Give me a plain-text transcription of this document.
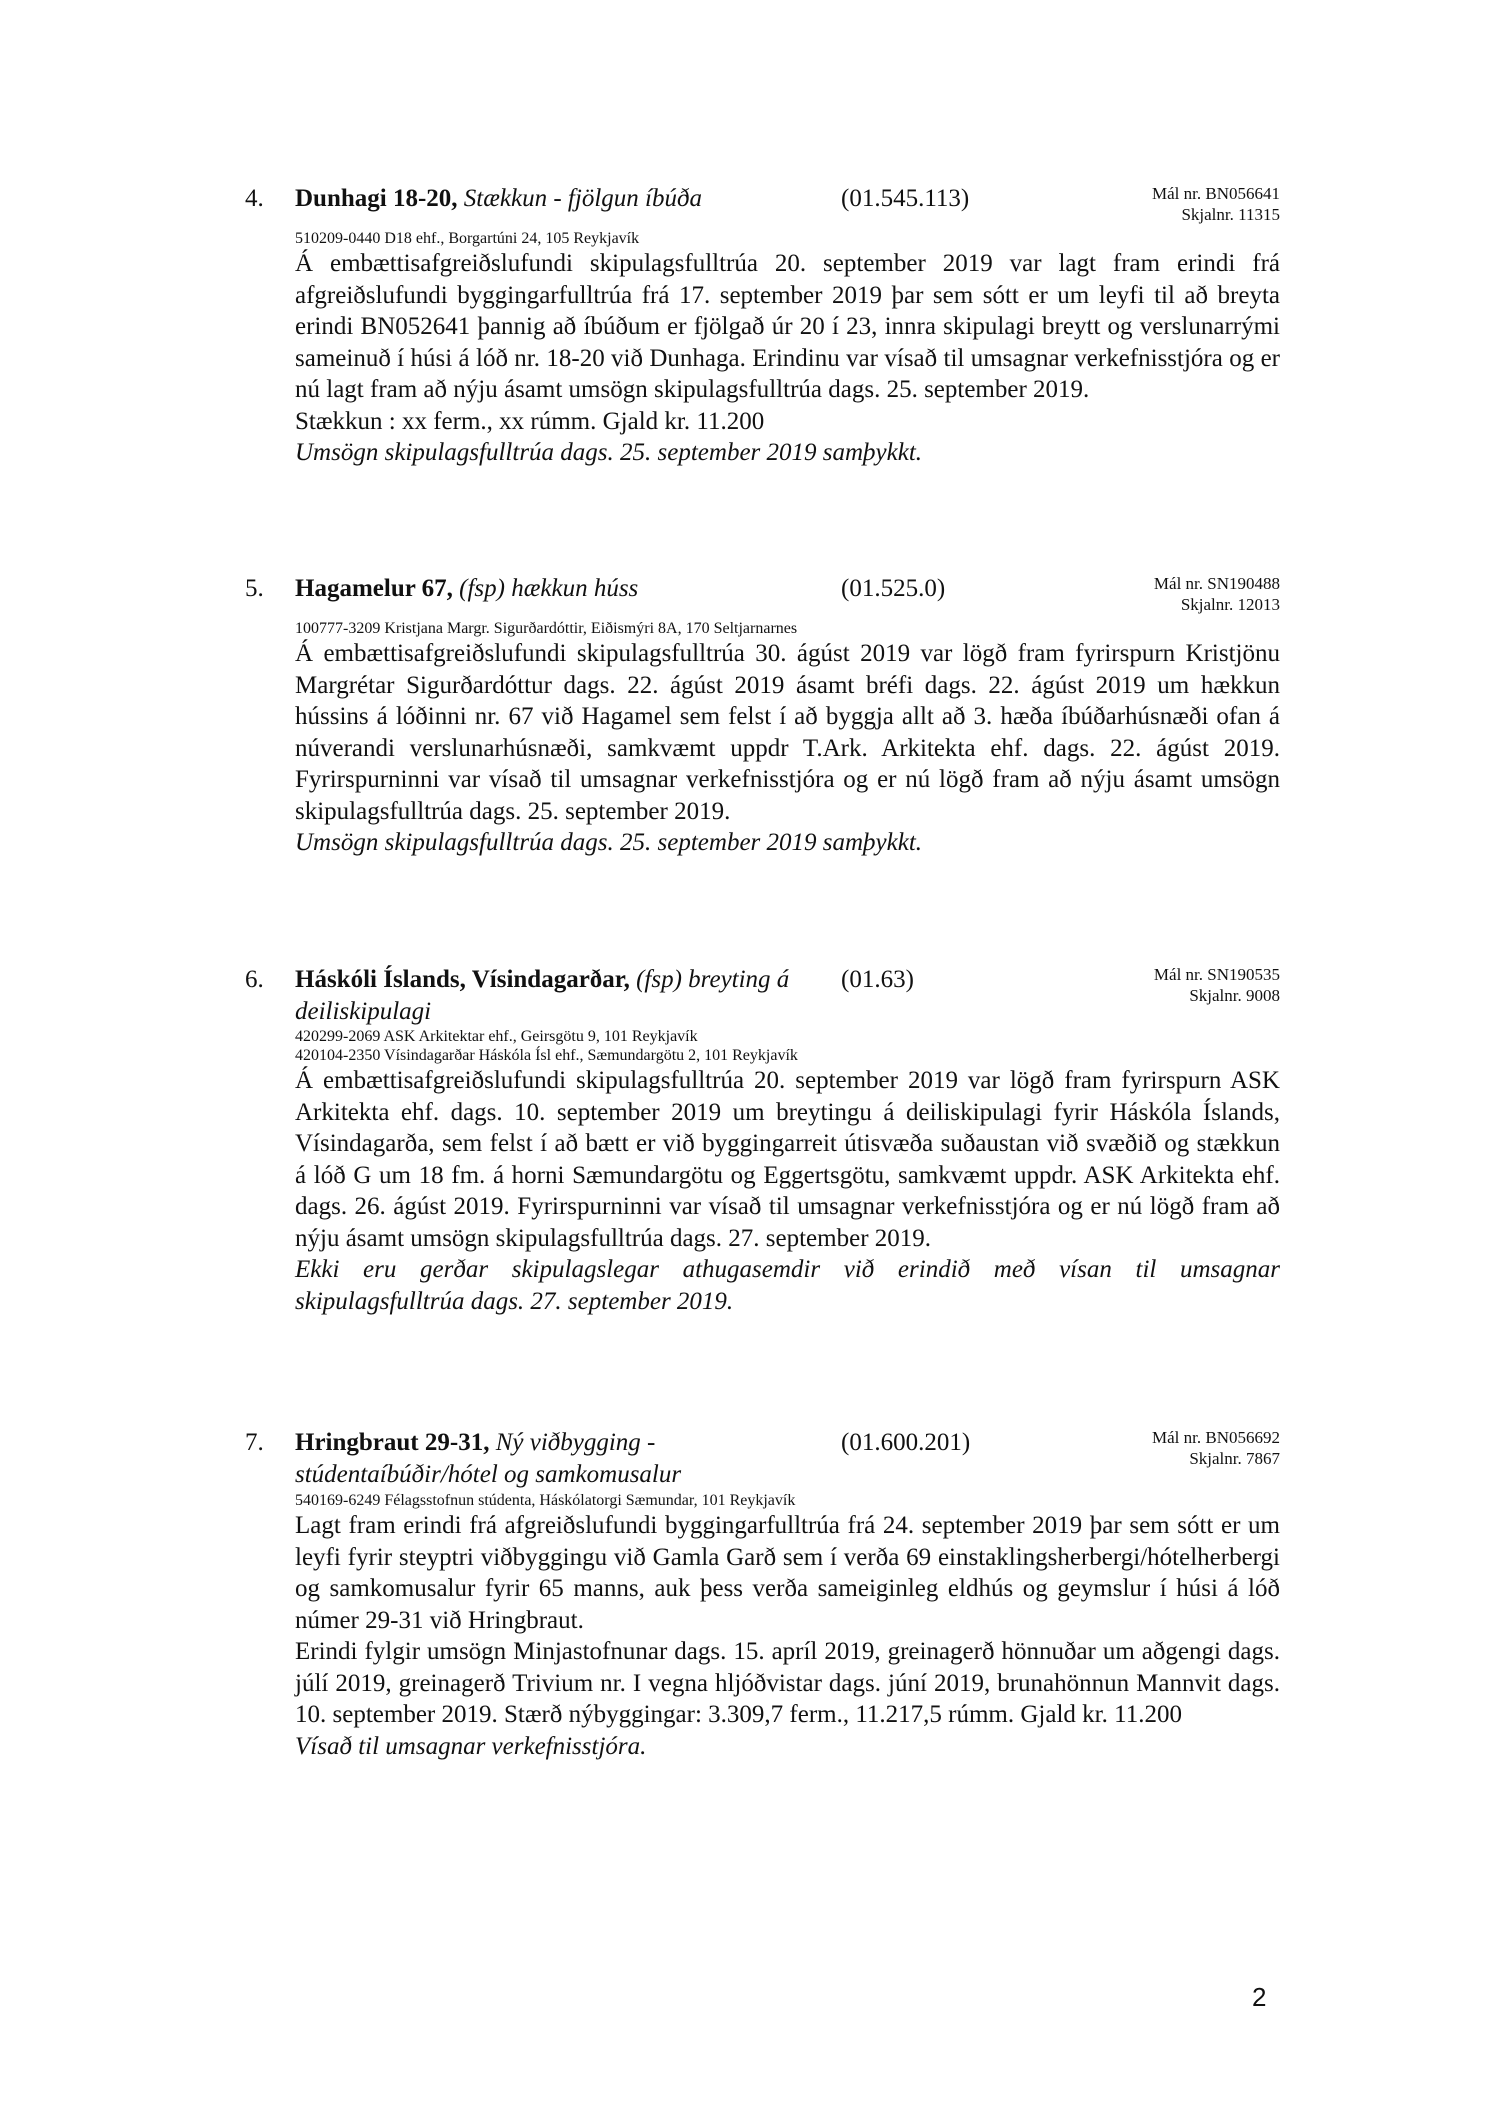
4. Dunhagi 18-20, Stækkun - fjölgun íbúða	(01.545.113)	Mál nr. BN056641
Skjalnr. 11315
510209-0440 D18 ehf., Borgartúni 24, 105 Reykjavík
Á embættisafgreiðslufundi skipulagsfulltrúa 20. september 2019 var lagt fram erindi frá afgreiðslufundi byggingarfulltrúa frá 17. september 2019 þar sem sótt er um leyfi til að breyta erindi BN052641 þannig að íbúðum er fjölgað úr 20 í 23, innra skipulagi breytt og verslunarrými sameinuð í húsi á lóð nr. 18-20 við Dunhaga. Erindinu var vísað til umsagnar verkefnisstjóra og er nú lagt fram að nýju ásamt umsögn skipulagsfulltrúa dags. 25. september 2019.
Stækkun : xx ferm., xx rúmm. Gjald kr. 11.200
Umsögn skipulagsfulltrúa dags. 25. september 2019 samþykkt.
5. Hagamelur 67, (fsp) hækkun húss	(01.525.0)	Mál nr. SN190488
Skjalnr. 12013
100777-3209 Kristjana Margr. Sigurðardóttir, Eiðismýri 8A, 170 Seltjarnarnes
Á embættisafgreiðslufundi skipulagsfulltrúa 30. ágúst 2019 var lögð fram fyrirspurn Kristjönu Margrétar Sigurðardóttur dags. 22. ágúst 2019 ásamt bréfi dags. 22. ágúst 2019 um hækkun hússins á lóðinni nr. 67 við Hagamel sem felst í að byggja allt að 3. hæða íbúðarhúsnæði ofan á núverandi verslunarhúsnæði, samkvæmt uppdr T.Ark. Arkitekta ehf. dags. 22. ágúst 2019. Fyrirspurninni var vísað til umsagnar verkefnisstjóra og er nú lögð fram að nýju ásamt umsögn skipulagsfulltrúa dags. 25. september 2019.
Umsögn skipulagsfulltrúa dags. 25. september 2019 samþykkt.
6. Háskóli Íslands, Vísindagarðar, (fsp) breyting á deiliskipulagi
(01.63)	Mál nr. SN190535
Skjalnr. 9008
420299-2069 ASK Arkitektar ehf., Geirsgötu 9, 101 Reykjavík
420104-2350 Vísindagarðar Háskóla Ísl ehf., Sæmundargötu 2, 101 Reykjavík
Á embættisafgreiðslufundi skipulagsfulltrúa 20. september 2019 var lögð fram fyrirspurn ASK Arkitekta ehf. dags. 10. september 2019 um breytingu á deiliskipulagi fyrir Háskóla Íslands, Vísindagarða, sem felst í að bætt er við byggingarreit útisvæða suðaustan við svæðið og stækkun á lóð G um 18 fm. á horni Sæmundargötu og Eggertsgötu, samkvæmt uppdr. ASK Arkitekta ehf. dags. 26. ágúst 2019. Fyrirspurninni var vísað til umsagnar verkefnisstjóra og er nú lögð fram að nýju ásamt umsögn skipulagsfulltrúa dags. 27. september 2019.
Ekki eru gerðar skipulagslegar athugasemdir við erindið með vísan til umsagnar skipulagsfulltrúa dags. 27. september 2019.
7. Hringbraut 29-31, Ný viðbygging - stúdentaíbúðir/hótel og samkomusalur
(01.600.201)	Mál nr. BN056692
Skjalnr. 7867
540169-6249 Félagsstofnun stúdenta, Háskólatorgi Sæmundar, 101 Reykjavík
Lagt fram erindi frá afgreiðslufundi byggingarfulltrúa frá 24. september 2019 þar sem sótt er um leyfi fyrir steyptri viðbyggingu við Gamla Garð sem í verða 69 einstaklingsherbergi/hótelherbergi og samkomusalur fyrir 65 manns, auk þess verða sameiginleg eldhús og geymslur í húsi á lóð númer 29-31 við Hringbraut.
Erindi fylgir umsögn Minjastofnunar dags. 15. apríl 2019, greinagerð hönnuðar um aðgengi dags. júlí 2019, greinagerð Trivium nr. I vegna hljóðvistar dags. júní 2019, brunahönnun Mannvit dags. 10. september 2019. Stærð nýbyggingar: 3.309,7 ferm., 11.217,5 rúmm. Gjald kr. 11.200
Vísað til umsagnar verkefnisstjóra.
2
